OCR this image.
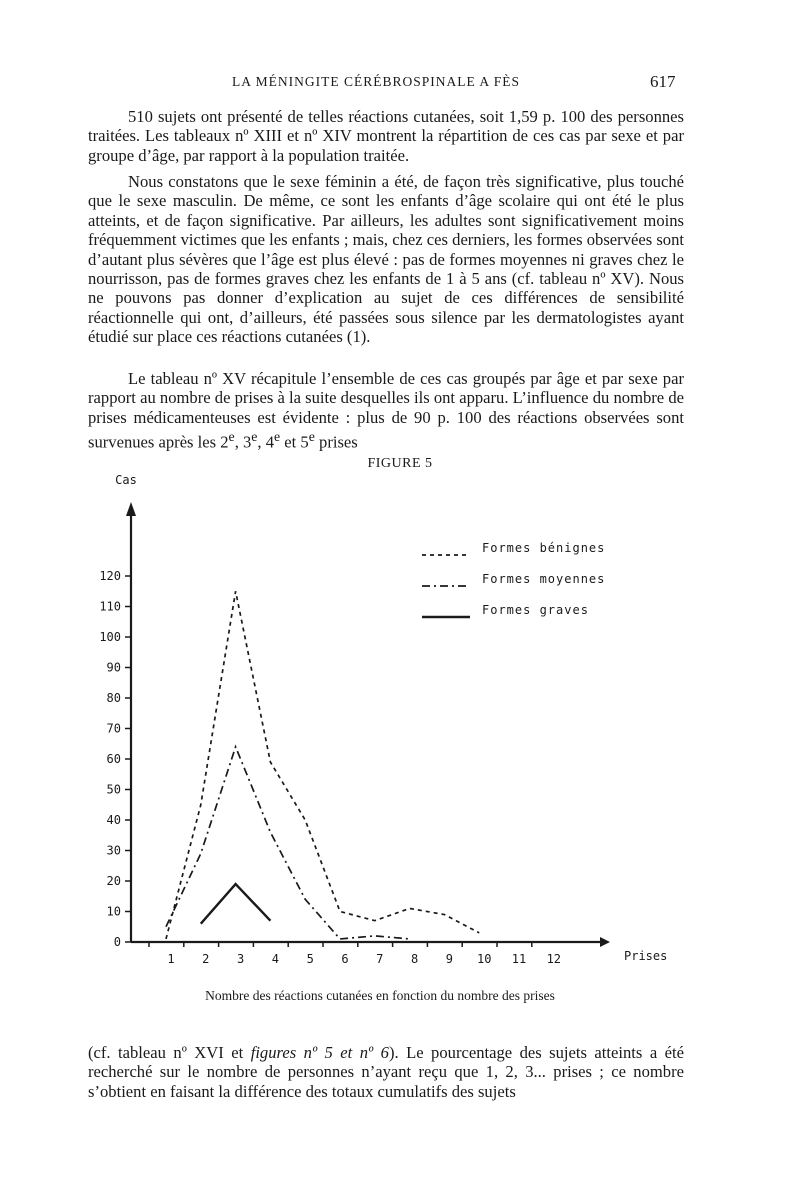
LA MÉNINGITE CÉRÉBROSPINALE A FÈS	617

510 sujets ont présenté de telles réactions cutanées, soit 1,59 p. 100 des personnes traitées. Les tableaux nº XIII et nº XIV montrent la répartition de ces cas par sexe et par groupe d’âge, par rapport à la population traitée.

Nous constatons que le sexe féminin a été, de façon très significative, plus touché que le sexe masculin. De même, ce sont les enfants d’âge scolaire qui ont été le plus atteints, et de façon significative. Par ailleurs, les adultes sont significativement moins fréquemment victimes que les enfants ; mais, chez ces derniers, les formes observées sont d’autant plus sévères que l’âge est plus élevé : pas de formes moyennes ni graves chez le nourrisson, pas de formes graves chez les enfants de 1 à 5 ans (cf. tableau nº XV). Nous ne pouvons pas donner d’explication au sujet de ces différences de sensibilité réactionnelle qui ont, d’ailleurs, été passées sous silence par les dermatologistes ayant étudié sur place ces réactions cutanées (1).

Le tableau nº XV récapitule l’ensemble de ces cas groupés par âge et par sexe par rapport au nombre de prises à la suite desquelles ils ont apparu. L’influence du nombre de prises médicamenteuses est évidente : plus de 90 p. 100 des réactions observées sont survenues après les 2e, 3e, 4e et 5e prises

FIGURE 5
Cas
Prises
0
10
20
30
40
50
60
70
80
90
100
110
120
1 2 3 4 5 6 7 8 9 10 11 12
Formes bénignes
Formes moyennes
Formes graves
Nombre des réactions cutanées en fonction du nombre des prises

(cf. tableau nº XVI et figures nº 5 et nº 6). Le pourcentage des sujets atteints a été recherché sur le nombre de personnes n’ayant reçu que 1, 2, 3... prises ; ce nombre s’obtient en faisant la différence des totaux cumulatifs des sujets
